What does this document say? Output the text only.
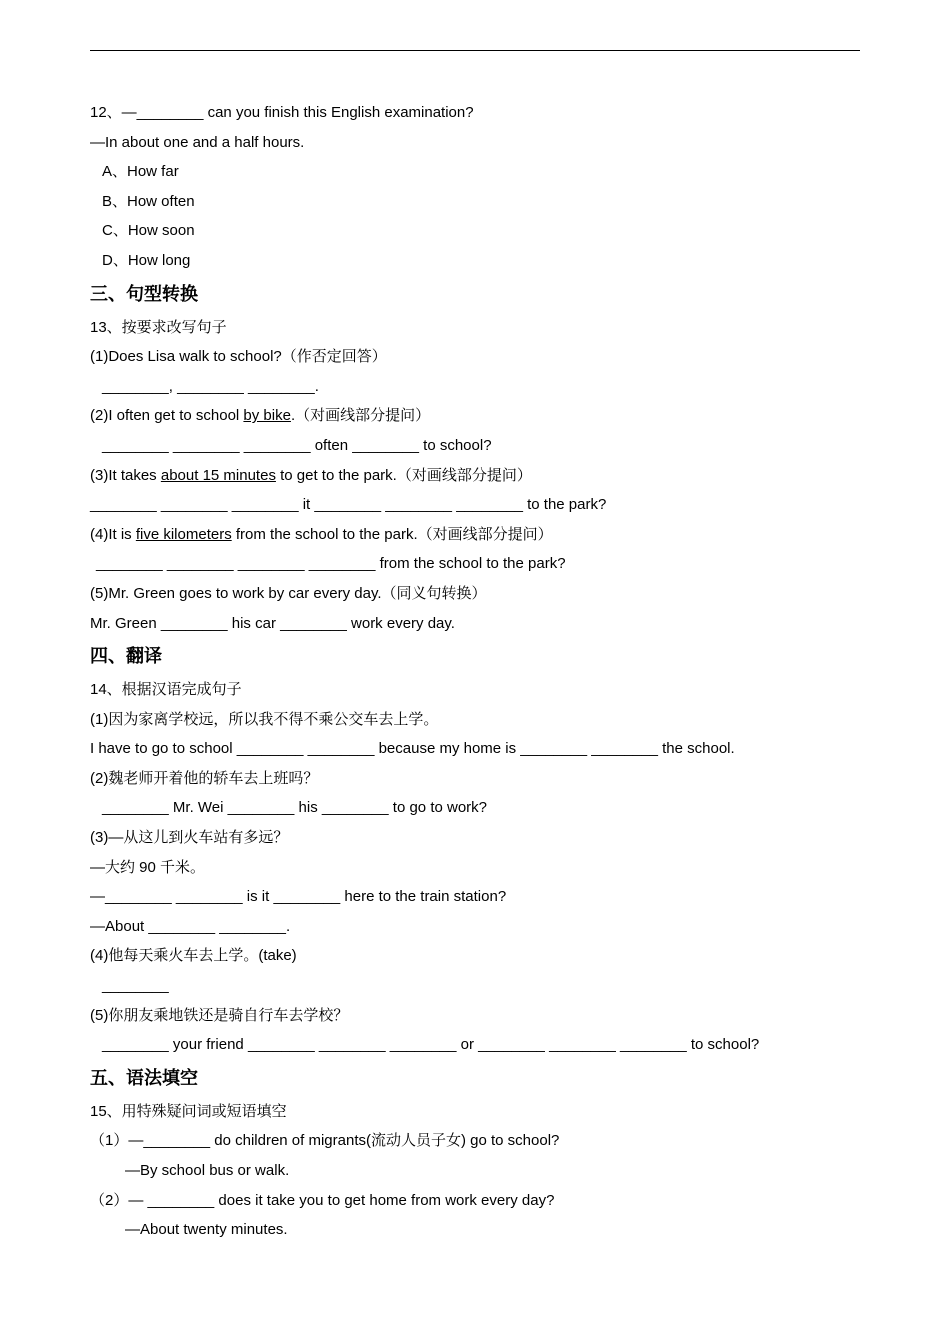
12、—________ can you finish this English examination?
—In about one and a half hours.
A、How far
B、How often
C、How soon
D、How long
三、句型转换
13、按要求改写句子
(1)Does Lisa walk to school?（作否定回答）
________, ________ ________.
(2)I often get to school by bike.（对画线部分提问）
________ ________ ________ often ________ to school?
(3)It takes about 15 minutes to get to the park.（对画线部分提问）
________ ________ ________ it ________ ________ ________ to the park?
(4)It is five kilometers from the school to the park.（对画线部分提问）
________ ________ ________ ________ from the school to the park?
(5)Mr. Green goes to work by car every day.（同义句转换）
Mr. Green ________ his car ________ work every day.
四、翻译
14、根据汉语完成句子
(1)因为家离学校远，所以我不得不乘公交车去上学。
I have to go to school ________ ________ because my home is ________ ________ the school.
(2)魏老师开着他的轿车去上班吗？
________ Mr. Wei ________ his ________ to go to work?
(3)—从这儿到火车站有多远？
—大约 90 千米。
—________ ________ is it ________ here to the train station?
—About ________ ________.
(4)他每天乘火车去上学。(take)
________
(5)你朋友乘地铁还是骑自行车去学校？
________ your friend ________ ________ ________ or ________ ________ ________ to school?
五、语法填空
15、用特殊疑问词或短语填空
（1）—________ do children of migrants(流动人员子女) go to school?
—By school bus or walk.
（2）— ________ does it take you to get home from work every day?
—About twenty minutes.
